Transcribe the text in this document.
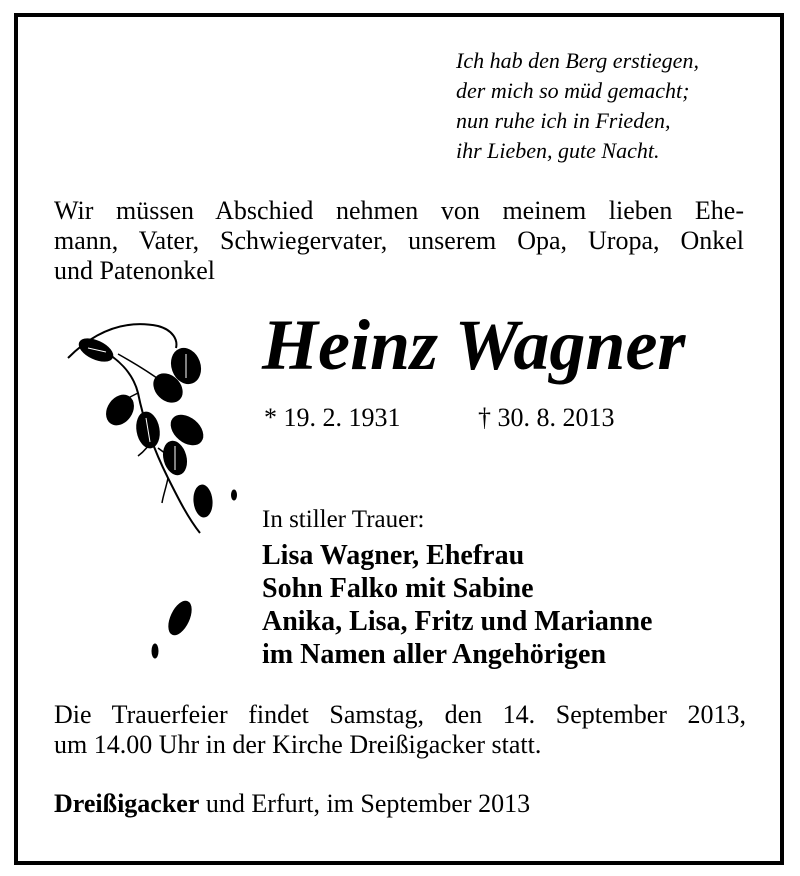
Ich hab den Berg erstiegen,
der mich so müd gemacht;
nun ruhe ich in Frieden,
ihr Lieben, gute Nacht.
Wir müssen Abschied nehmen von meinem lieben Ehe-
mann, Vater, Schwiegervater, unserem Opa, Uropa, Onkel
und Patenonkel
Heinz Wagner
* 19. 2. 1931	† 30. 8. 2013
In stiller Trauer:
Lisa Wagner, Ehefrau
Sohn Falko mit Sabine
Anika, Lisa, Fritz und Marianne
im Namen aller Angehörigen
Die Trauerfeier findet Samstag, den 14. September 2013,
um 14.00 Uhr in der Kirche Dreißigacker statt.
Dreißigacker und Erfurt, im September 2013
